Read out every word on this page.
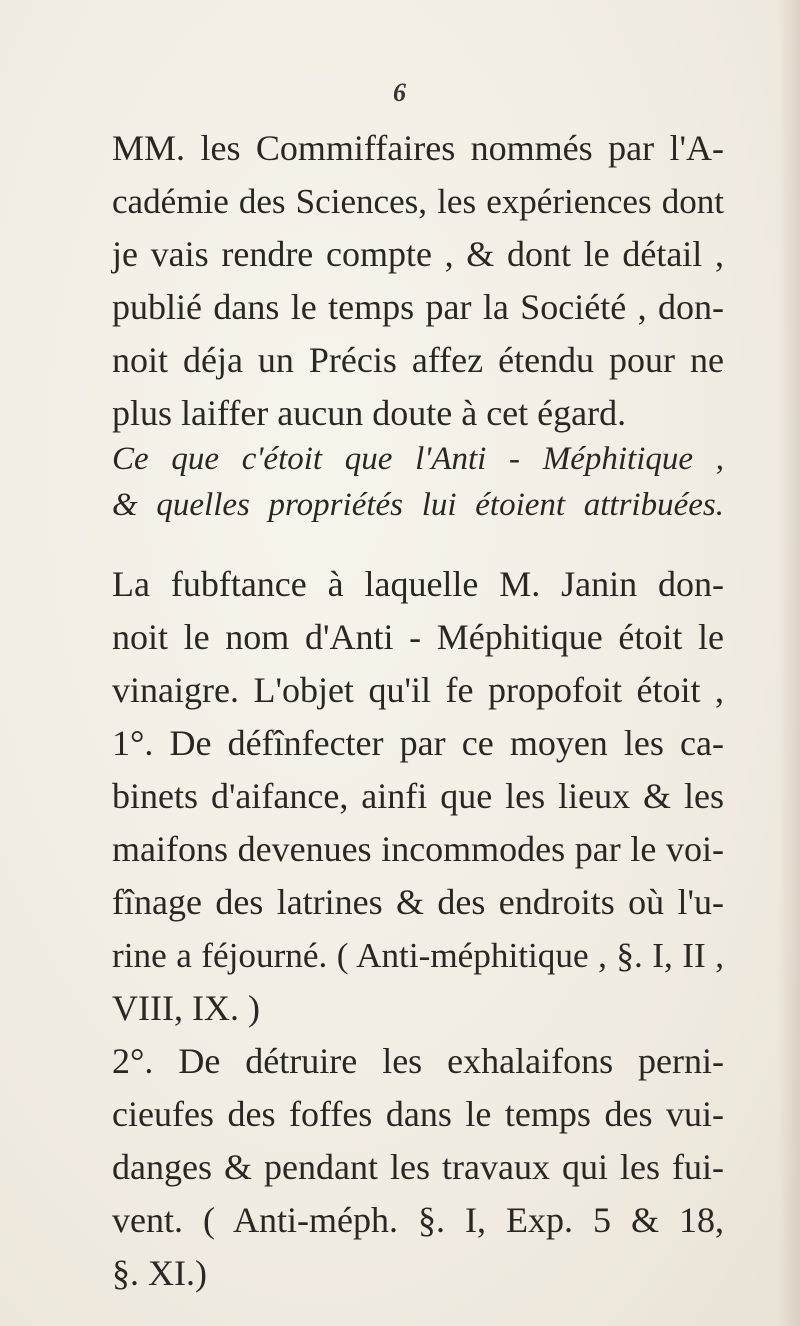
6
MM. les Commiffaires nommés par l'A-
cadémie des Sciences, les expériences dont
je vais rendre compte , & dont le détail ,
publié dans le temps par la Société , don-
noit déja un Précis affez étendu pour ne
plus laiffer aucun doute à cet égard.
Ce que c'étoit que l'Anti - Méphitique ,
& quelles propriétés lui étoient attribuées.
La fubftance à laquelle M. Janin don-
noit le nom d'Anti - Méphitique étoit le
vinaigre. L'objet qu'il fe propofoit étoit ,
1°. De défînfecter par ce moyen les ca-
binets d'aifance, ainfi que les lieux & les
maifons devenues incommodes par le voi-
fînage des latrines & des endroits où l'u-
rine a féjourné. ( Anti-méphitique , §. I, II ,
VIII, IX. )
2°. De détruire les exhalaifons perni-
cieufes des foffes dans le temps des vui-
danges & pendant les travaux qui les fui-
vent. ( Anti-méph. §. I, Exp. 5 & 18,
§. XI.)
